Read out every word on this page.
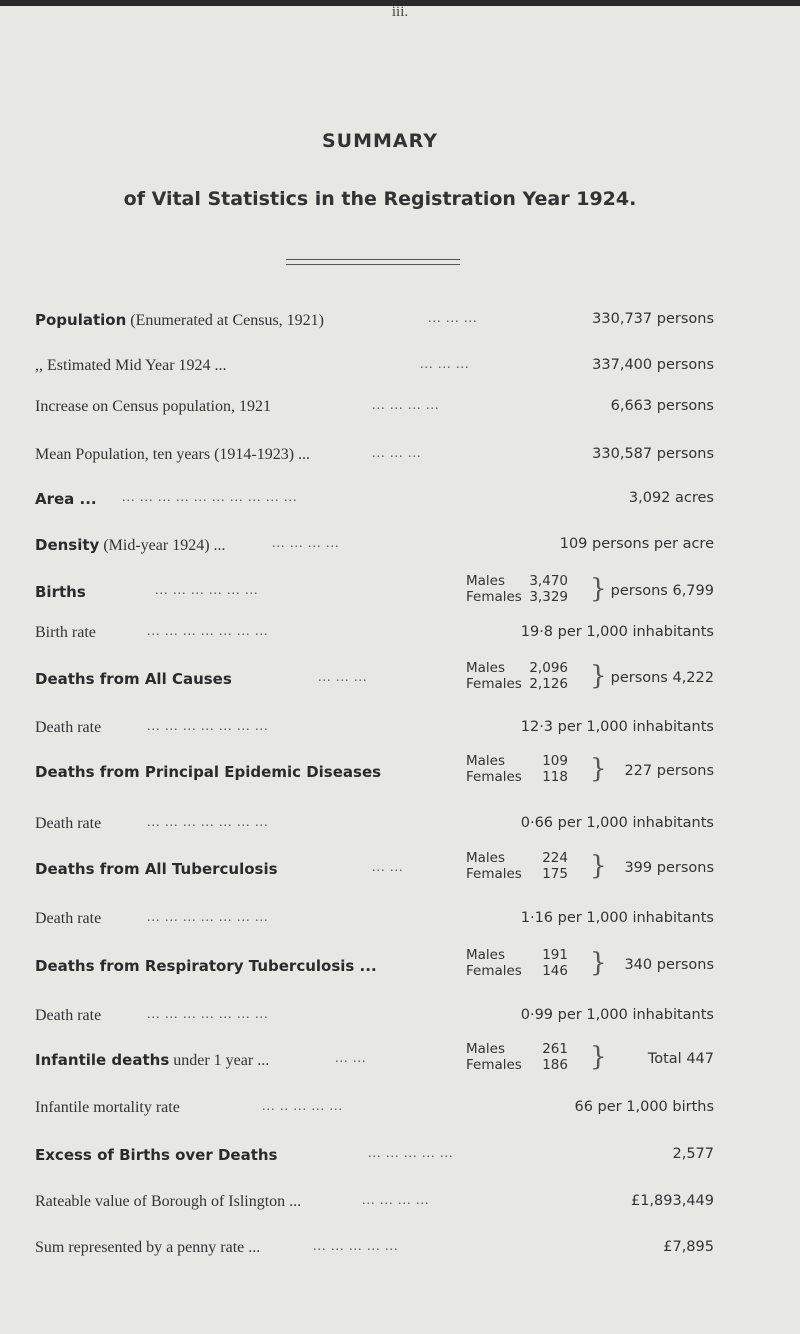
iii.
SUMMARY
of Vital Statistics in the Registration Year 1924.
Population (Enumerated at Census, 1921)	... ... ...	330,737 persons
,, Estimated Mid Year 1924 ...	... ... ...	337,400 persons
Increase on Census population, 1921	... ... ... ...	6,663 persons
Mean Population, ten years (1914-1923) ...	... ... ...	330,587 persons
Area ... ... ... ... ... ... ... ... ... ... ...	3,092 acres
Density (Mid-year 1924) ...	... ... ... ...	109 persons per acre
Births	... ... ... ... ... ...
Males 3,470
Females 3,329 } persons 6,799
Birth rate	... ... ... ... ... ... ...	19·8 per 1,000 inhabitants
Deaths from All Causes	... ... ...
Males 2,096
Females 2,126 } persons 4,222
Death rate	... ... ... ... ... ... ...	12·3 per 1,000 inhabitants
Deaths from Principal Epidemic Diseases
Males	109
Females 118 } 227 persons
Death rate	... ... ... ... ... ... ...	0·66 per 1,000 inhabitants
Deaths from All Tuberculosis	... ...
Males	224
Females 175 } 399 persons
Death rate	... ... ... ... ... ... ...	1·16 per 1,000 inhabitants
Deaths from Respiratory Tuberculosis ...
Males	191
Females 146 } 340 persons
Death rate	... ... ... ... ... ... ...	0·99 per 1,000 inhabitants
Infantile deaths under 1 year ...	... ...
Males	261
Females 186 }	Total 447
Infantile mortality rate	... .. ... ... ...	66 per 1,000 births
Excess of Births over Deaths	... ... ... ... ...	2,577
Rateable value of Borough of Islington ...	... ... ... ...	£1,893,449
Sum represented by a penny rate ...	... ... ... ... ...	£7,895
